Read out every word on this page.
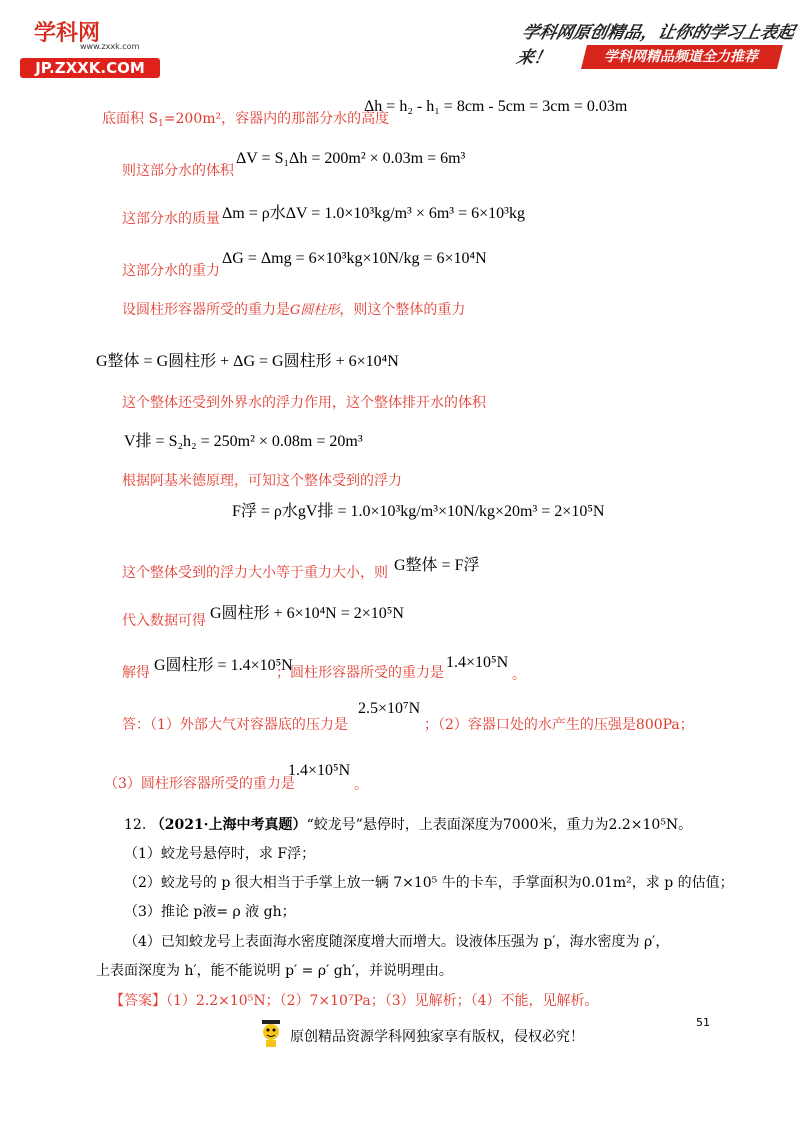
学科网
www.zxxk.com
JP.ZXXK.COM
学科网原创精品，让你的学习上表起来！	学科网精品频道全力推荐
底面积 $S_1=200m^2$，容器内的那部分水的高度
Δh = h₂ - h₁ = 8cm - 5cm = 3cm = 0.03m
则这部分水的体积
ΔV = S₁Δh = 200m² × 0.03m = 6m³
这部分水的质量 Δm = ρ水ΔV = 1.0×10³kg/m³ × 6m³ = 6×10³kg
这部分水的重力
ΔG = Δmg = 6×10³kg×10N/kg = 6×10⁴N
设圆柱形容器所受的重力是G圆柱形，则这个整体的重力
G整体 = G圆柱形 + ΔG = G圆柱形 + 6×10⁴N
这个整体还受到外界水的浮力作用，这个整体排开水的体积
V排 = S₂h₂ = 250m² × 0.08m = 20m³
根据阿基米德原理，可知这个整体受到的浮力
F浮 = ρ水gV排 = 1.0×10³kg/m³×10N/kg×20m³ = 2×10⁵N
这个整体受到的浮力大小等于重力大小，则 G整体 = F浮
代入数据可得 G圆柱形 + 6×10⁴N = 2×10⁵N
解得 G圆柱形 = 1.4×10⁵N
；圆柱形容器所受的重力是
1.4×10⁵N
。
答：（1）外部大气对容器底的压力是
2.5×10⁷N
；（2）容器口处的水产生的压强是800Pa；
（3）圆柱形容器所受的重力是
1.4×10⁵N
。
12. （2021·上海中考真题）“蛟龙号”悬停时，上表面深度为7000米，重力为2.2×10⁵N。
（1）蛟龙号悬停时，求 F浮；
（2）蛟龙号的 p 很大相当于手掌上放一辆 7×10⁵ 牛的卡车，手掌面积为0.01m²，求 p 的估值；
（3）推论 p液= ρ 液 gh；
（4）已知蛟龙号上表面海水密度随深度增大而增大。设液体压强为 p′，海水密度为 ρ′，
上表面深度为 h′，能不能说明 p′ = ρ′ gh′，并说明理由。
【答案】（1）2.2×10⁵N；（2）7×10⁷Pa；（3）见解析；（4）不能，见解析。
51
原创精品资源学科网独家享有版权，侵权必究！
